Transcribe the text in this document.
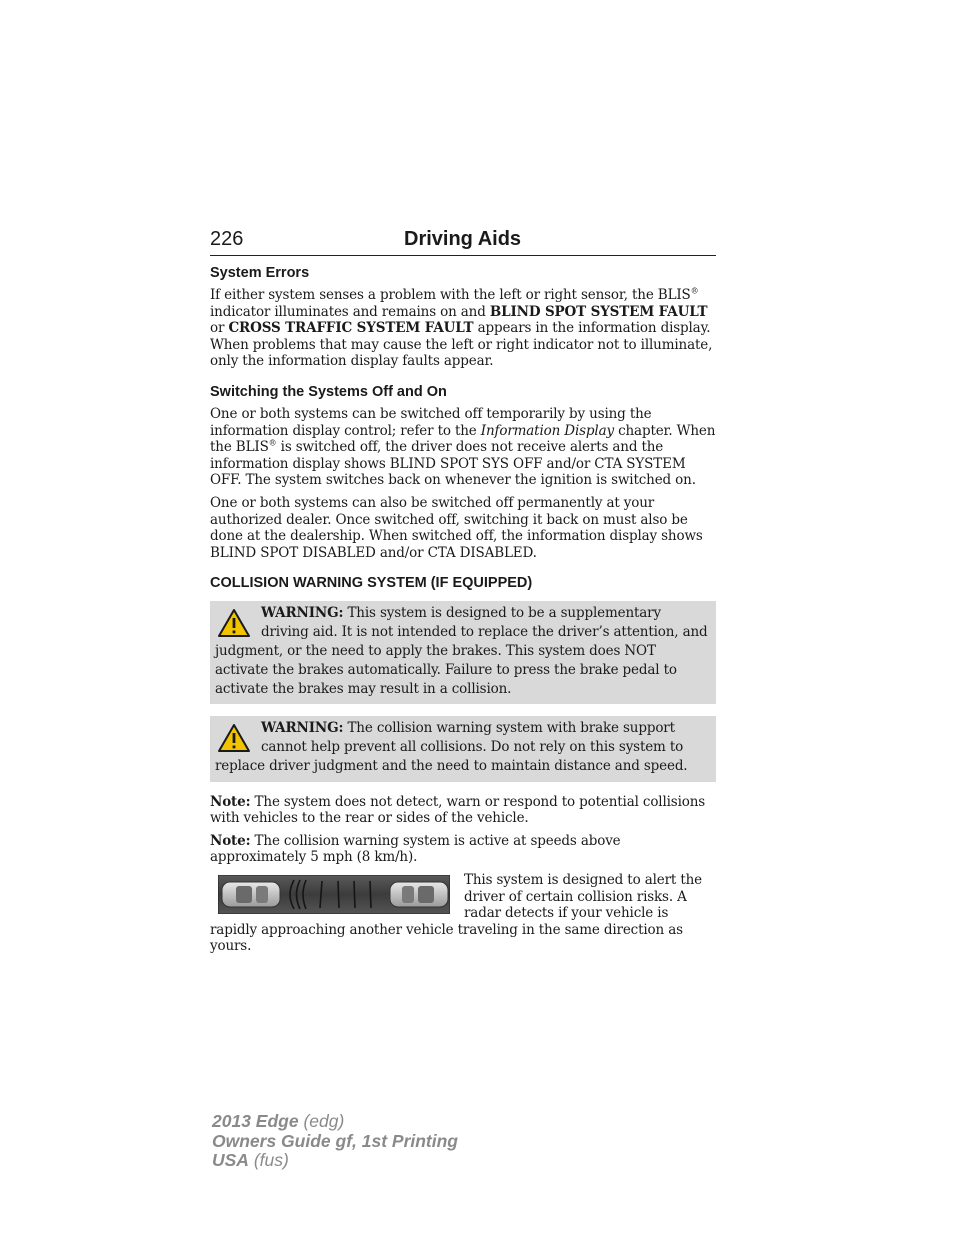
226	Driving Aids
System Errors

If either system senses a problem with the left or right sensor, the BLIS® indicator illuminates and remains on and BLIND SPOT SYSTEM FAULT or CROSS TRAFFIC SYSTEM FAULT appears in the information display. When problems that may cause the left or right indicator not to illuminate, only the information display faults appear.

Switching the Systems Off and On

One or both systems can be switched off temporarily by using the information display control; refer to the Information Display chapter. When the BLIS® is switched off, the driver does not receive alerts and the information display shows BLIND SPOT SYS OFF and/or CTA SYSTEM OFF. The system switches back on whenever the ignition is switched on.

One or both systems can also be switched off permanently at your authorized dealer. Once switched off, switching it back on must also be done at the dealership. When switched off, the information display shows BLIND SPOT DISABLED and/or CTA DISABLED.

COLLISION WARNING SYSTEM (IF EQUIPPED)

WARNING: This system is designed to be a supplementary driving aid. It is not intended to replace the driver’s attention, and judgment, or the need to apply the brakes. This system does NOT activate the brakes automatically. Failure to press the brake pedal to activate the brakes may result in a collision.

WARNING: The collision warning system with brake support cannot help prevent all collisions. Do not rely on this system to replace driver judgment and the need to maintain distance and speed.

Note: The system does not detect, warn or respond to potential collisions with vehicles to the rear or sides of the vehicle.

Note: The collision warning system is active at speeds above approximately 5 mph (8 km/h).

This system is designed to alert the driver of certain collision risks. A radar detects if your vehicle is rapidly approaching another vehicle traveling in the same direction as yours.

2013 Edge (edg)
Owners Guide gf, 1st Printing
USA (fus)
